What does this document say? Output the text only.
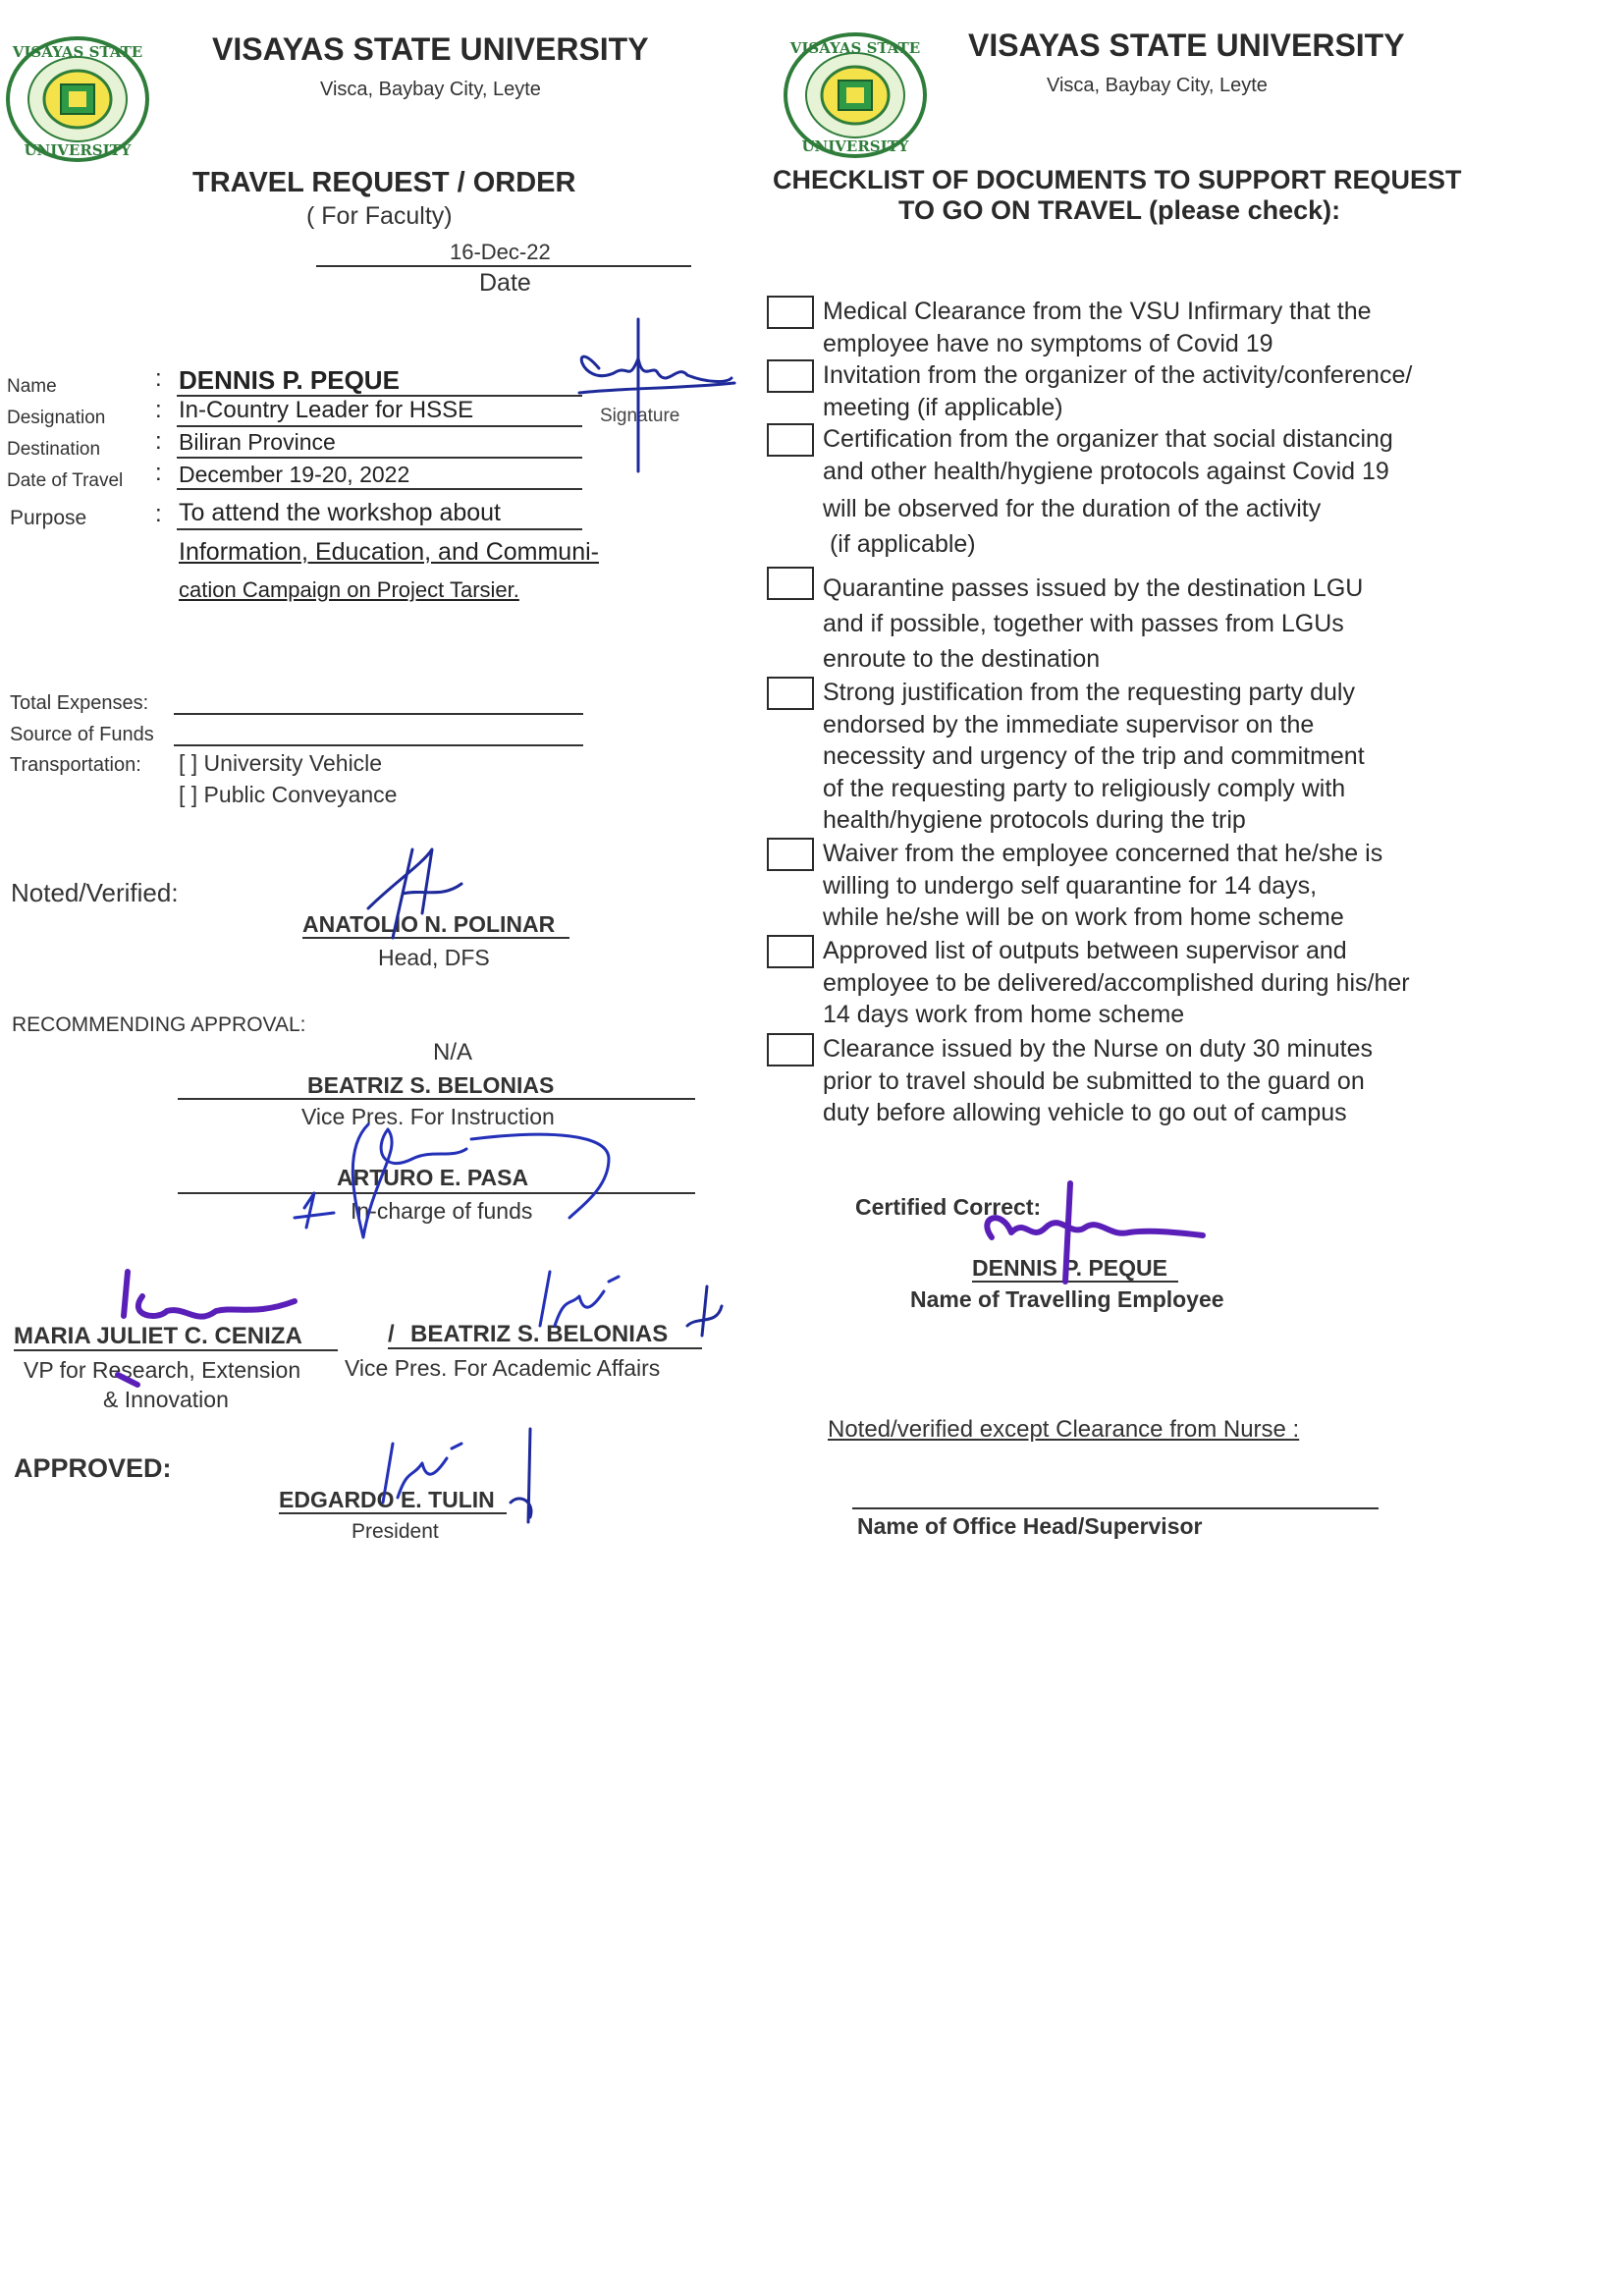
VISAYAS STATE
UNIVERSITY
VISAYAS STATE UNIVERSITY
Visca, Baybay City, Leyte
VISAYAS STATE
UNIVERSITY
VISAYAS STATE UNIVERSITY
Visca, Baybay City, Leyte
TRAVEL REQUEST / ORDER
( For Faculty)
16-Dec-22
Date
Name	: DENNIS P. PEQUE
Signature
Designation : In-Country Leader for HSSE
Destination : Biliran Province
Date of Travel : December 19-20, 2022
Purpose	: To attend the workshop about
Information, Education, and Communi-
cation Campaign on Project Tarsier.
Total Expenses:
Source of Funds
Transportation: [ ] University Vehicle
[ ] Public Conveyance
Noted/Verified:
ANATOLIO N. POLINAR
Head, DFS
RECOMMENDING APPROVAL:
N/A
BEATRIZ S. BELONIAS
Vice Pres. For Instruction
ARTURO E. PASA
In-charge of funds
MARIA JULIET C. CENIZA	/ BEATRIZ S. BELONIAS
VP for Research, Extension
& Innovation
Vice Pres. For Academic Affairs
APPROVED:
EDGARDO E. TULIN
President
CHECKLIST OF DOCUMENTS TO SUPPORT REQUEST
TO GO ON TRAVEL (please check):
Medical Clearance from the VSU Infirmary that the
employee have no symptoms of Covid 19
Invitation from the organizer of the activity/conference/
meeting (if applicable)
Certification from the organizer that social distancing
and other health/hygiene protocols against Covid 19
will be observed for the duration of the activity
(if applicable)
Quarantine passes issued by the destination LGU
and if possible, together with passes from LGUs
enroute to the destination
Strong justification from the requesting party duly
endorsed by the immediate supervisor on the
necessity and urgency of the trip and commitment
of the requesting party to religiously comply with
health/hygiene protocols during the trip
Waiver from the employee concerned that he/she is
willing to undergo self quarantine for 14 days,
while he/she will be on work from home scheme
Approved list of outputs between supervisor and
employee to be delivered/accomplished during his/her
14 days work from home scheme
Clearance issued by the Nurse on duty 30 minutes
prior to travel should be submitted to the guard on
duty before allowing vehicle to go out of campus
Certified Correct:
DENNIS P. PEQUE
Name of Travelling Employee
Noted/verified except Clearance from Nurse :
Name of Office Head/Supervisor
